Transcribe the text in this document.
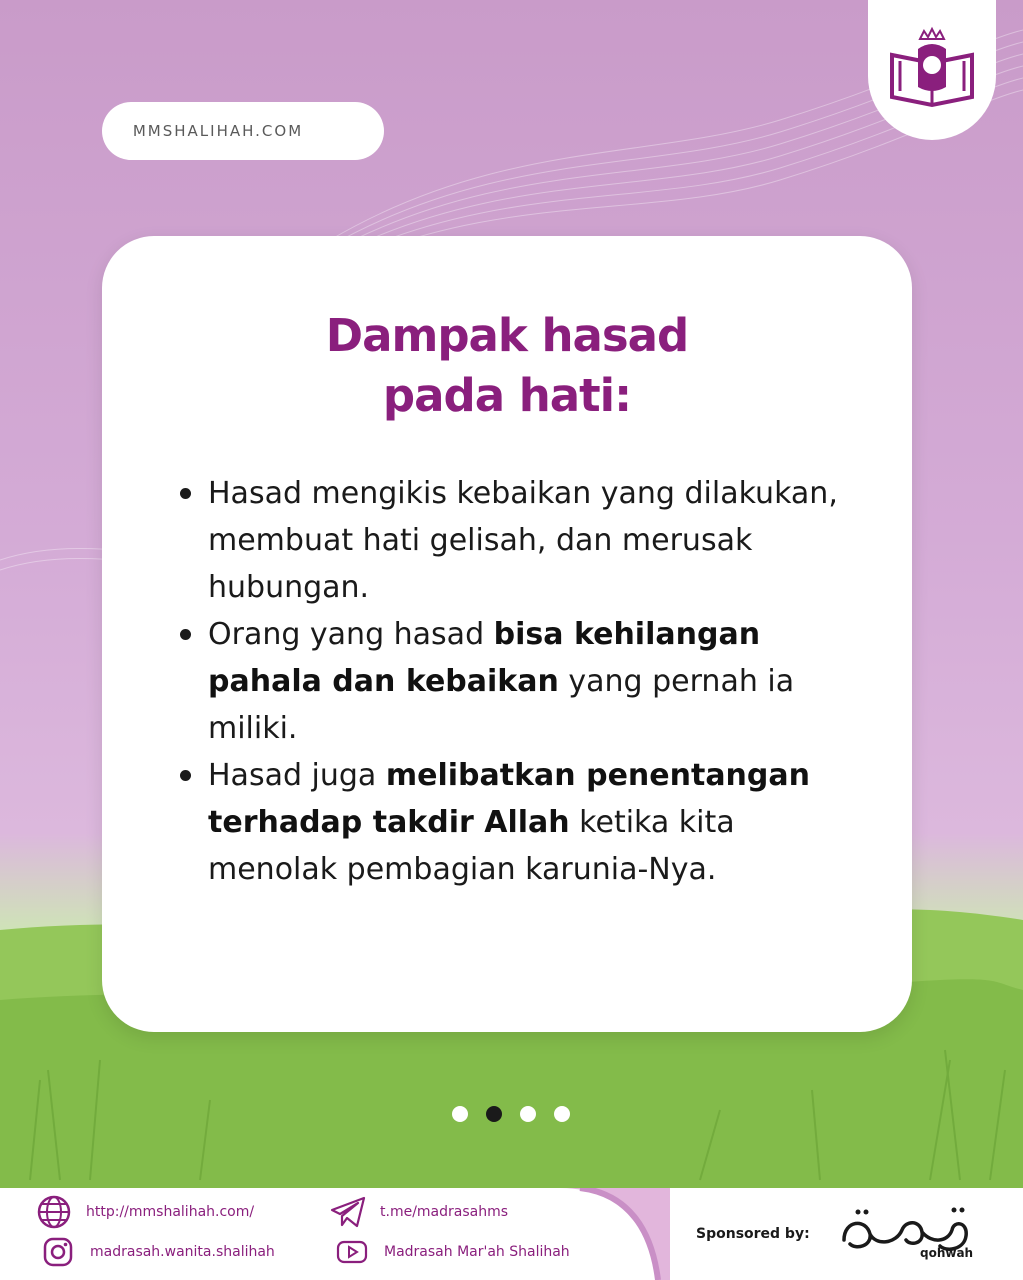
MMSHALIHAH.COM
Dampak hasad
pada hati:
Hasad mengikis kebaikan yang dilakukan, membuat hati gelisah, dan merusak hubungan.
Orang yang hasad bisa kehilangan pahala dan kebaikan yang pernah ia miliki.
Hasad juga melibatkan penentangan terhadap takdir Allah ketika kita menolak pembagian karunia-Nya.
http://mmshalihah.com/
madrasah.wanita.shalihah
t.me/madrasahms
Madrasah Mar'ah Shalihah
Sponsored by:
qohwah
